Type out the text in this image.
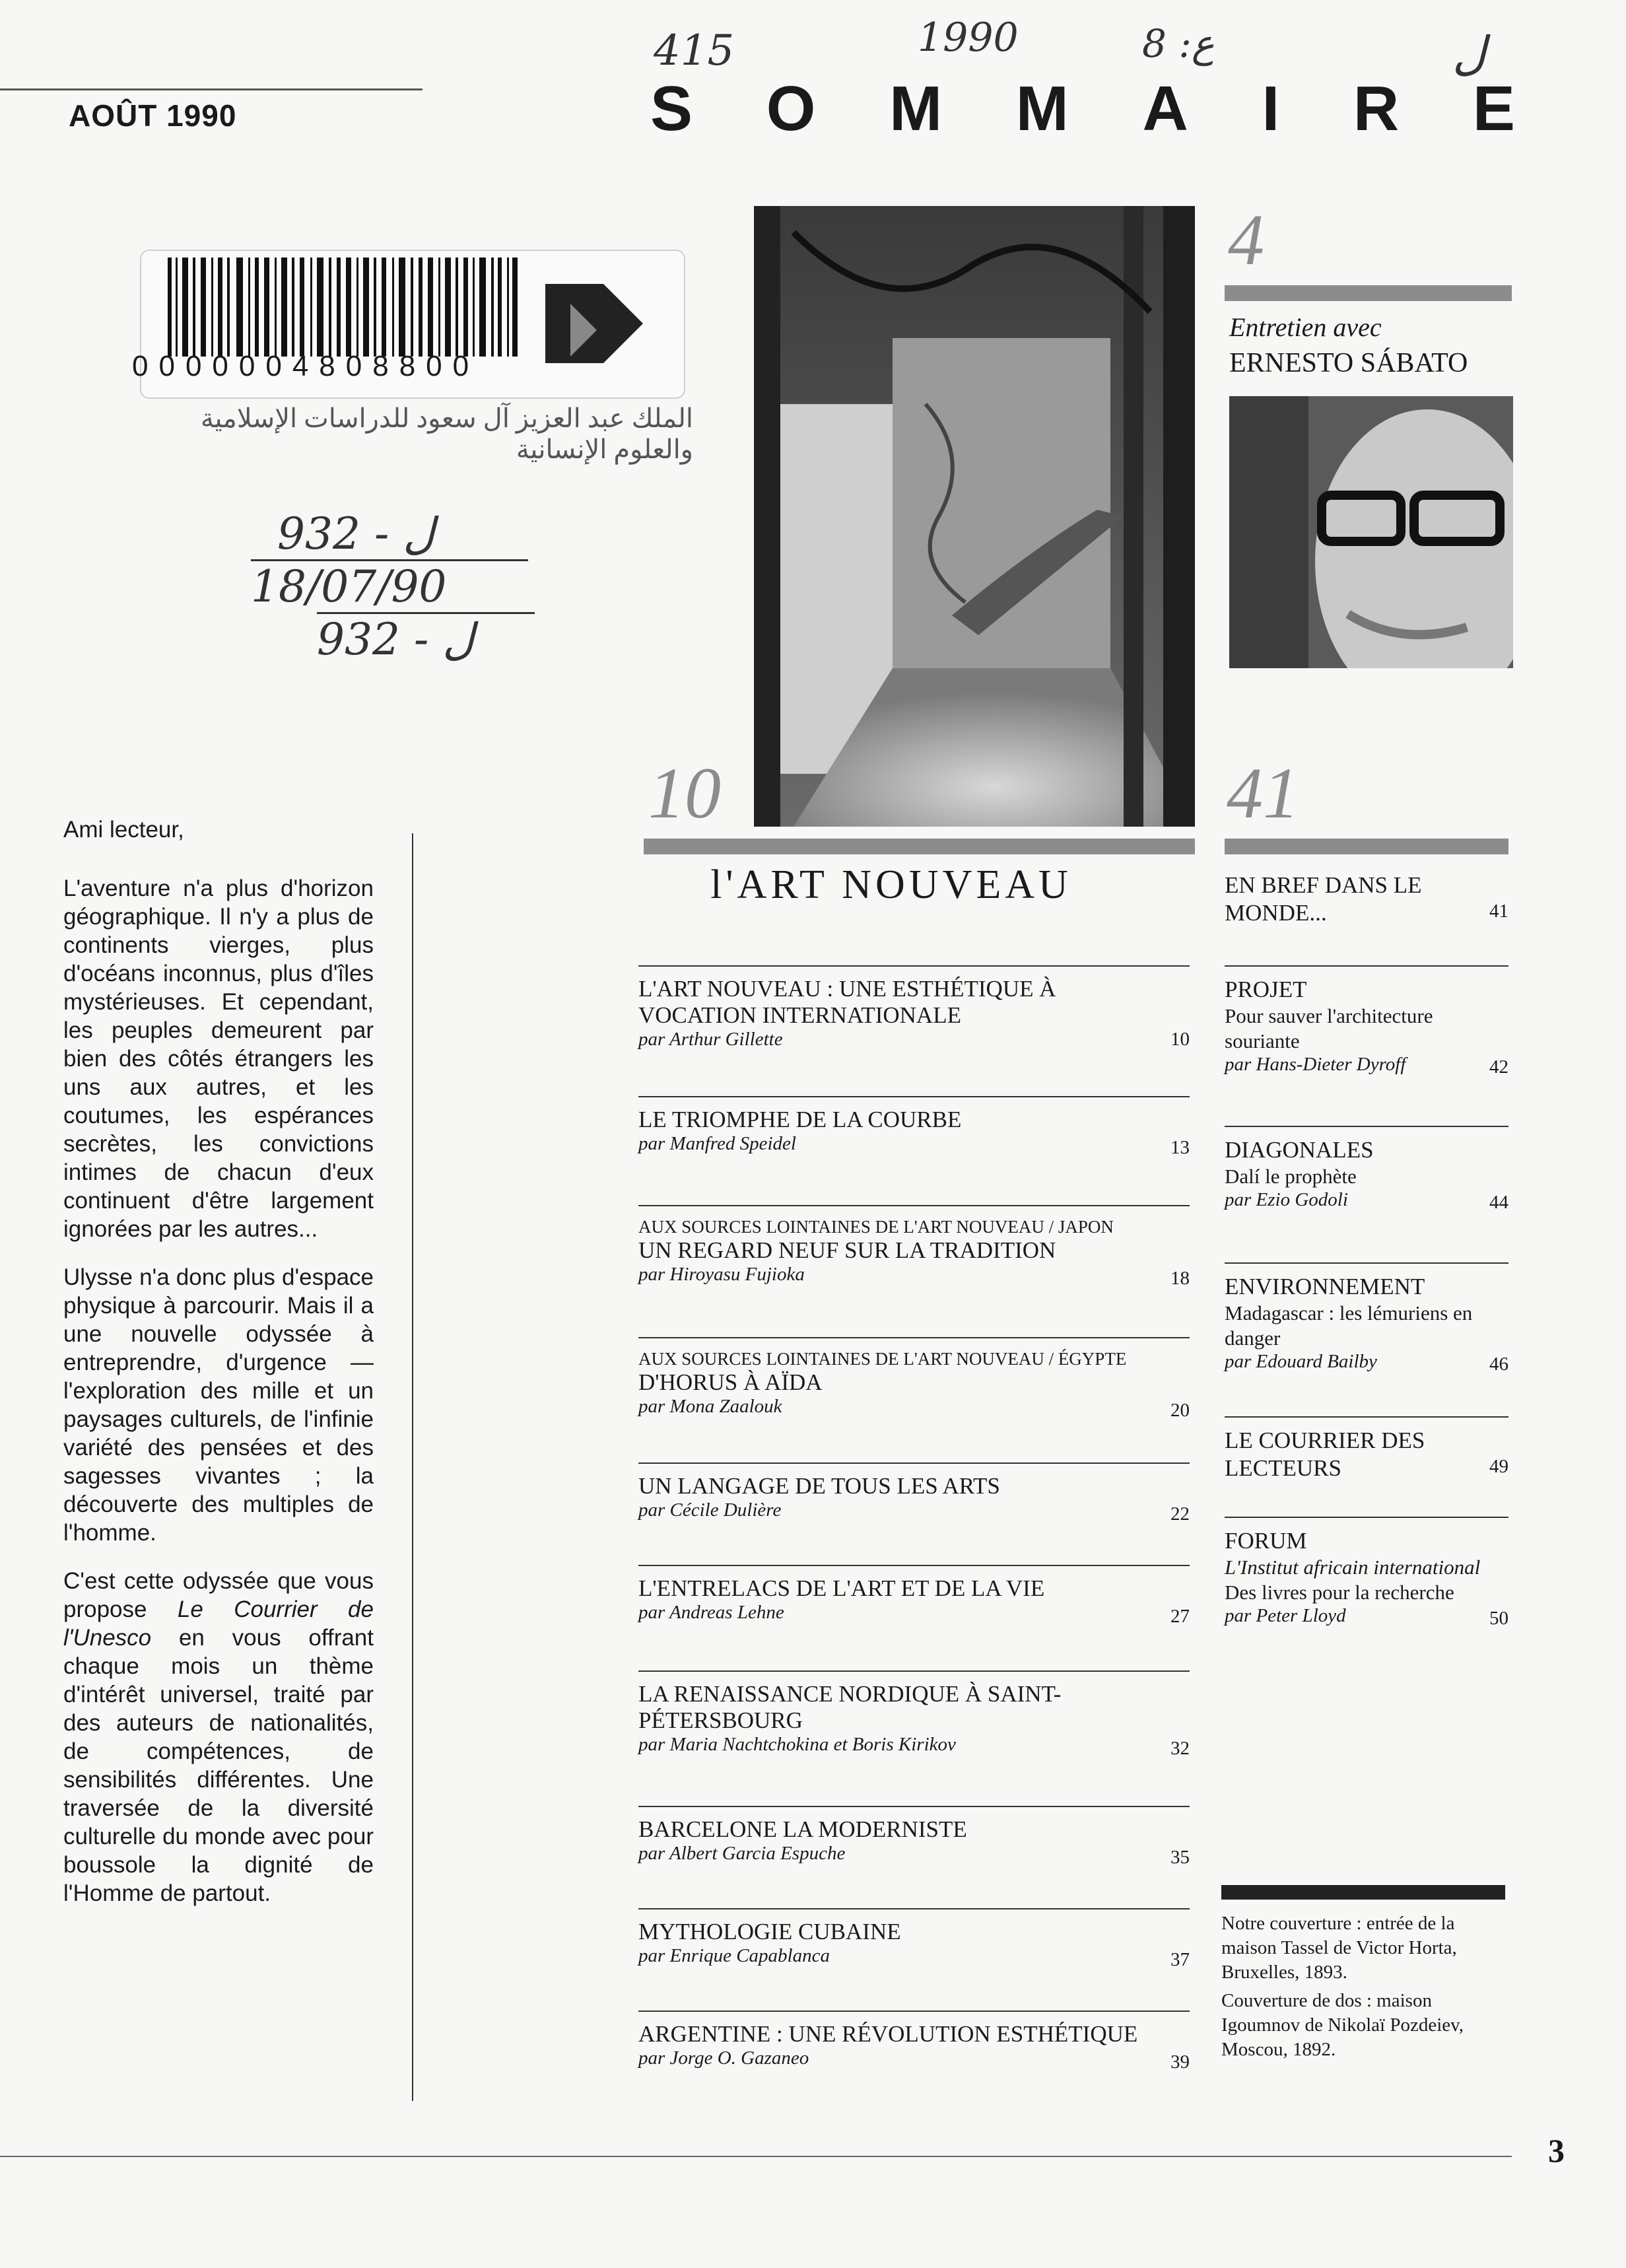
415	1990	ع: 8	ل
AOÛT 1990	S O M M A I R E
0000004808800
الملك عبد العزيز آل سعود للدراسات الإسلامية والعلوم الإنسانية
932 - ل
18/07/90
932 - ل

Ami lecteur,

L'aventure n'a plus d'horizon géographique. Il n'y a plus de continents vierges, plus d'océans inconnus, plus d'îles mystérieuses. Et cependant, les peuples demeurent par bien des côtés étrangers les uns aux autres, et les coutumes, les espérances secrètes, les convictions intimes de chacun d'eux continuent d'être largement ignorées par les autres...

Ulysse n'a donc plus d'espace physique à parcourir. Mais il a une nouvelle odyssée à entreprendre, d'urgence — l'exploration des mille et un paysages culturels, de l'infinie variété des pensées et des sagesses vivantes ; la découverte des multiples de l'homme.

C'est cette odyssée que vous propose Le Courrier de l'Unesco en vous offrant chaque mois un thème d'intérêt universel, traité par des auteurs de nationalités, de compétences, de sensibilités différentes. Une traversée de la diversité culturelle du monde avec pour boussole la dignité de l'Homme de partout.

4
Entretien avec
ERNESTO SÁBATO
10
l'ART NOUVEAU
L'ART NOUVEAU : UNE ESTHÉTIQUE À VOCATION INTERNATIONALE
par Arthur Gillette	10
LE TRIOMPHE DE LA COURBE
par Manfred Speidel	13
AUX SOURCES LOINTAINES DE L'ART NOUVEAU / JAPON
UN REGARD NEUF SUR LA TRADITION
par Hiroyasu Fujioka	18
AUX SOURCES LOINTAINES DE L'ART NOUVEAU / ÉGYPTE
D'HORUS À AÏDA
par Mona Zaalouk	20
UN LANGAGE DE TOUS LES ARTS
par Cécile Dulière	22
L'ENTRELACS DE L'ART ET DE LA VIE
par Andreas Lehne	27
LA RENAISSANCE NORDIQUE À SAINT-PÉTERSBOURG
par Maria Nachtchokina et Boris Kirikov	32
BARCELONE LA MODERNISTE
par Albert Garcia Espuche	35
MYTHOLOGIE CUBAINE
par Enrique Capablanca	37
ARGENTINE : UNE RÉVOLUTION ESTHÉTIQUE
par Jorge O. Gazaneo	39
41
EN BREF DANS LE MONDE...	41
PROJET
Pour sauver l'architecture souriante
par Hans-Dieter Dyroff	42
DIAGONALES
Dalí le prophète
par Ezio Godoli	44
ENVIRONNEMENT
Madagascar : les lémuriens en danger
par Edouard Bailby	46
LE COURRIER DES LECTEURS	49
FORUM
L'Institut africain international
Des livres pour la recherche
par Peter Lloyd	50

Notre couverture : entrée de la maison Tassel de Victor Horta, Bruxelles, 1893.

Couverture de dos : maison Igoumnov de Nikolaï Pozdeiev, Moscou, 1892.

3
